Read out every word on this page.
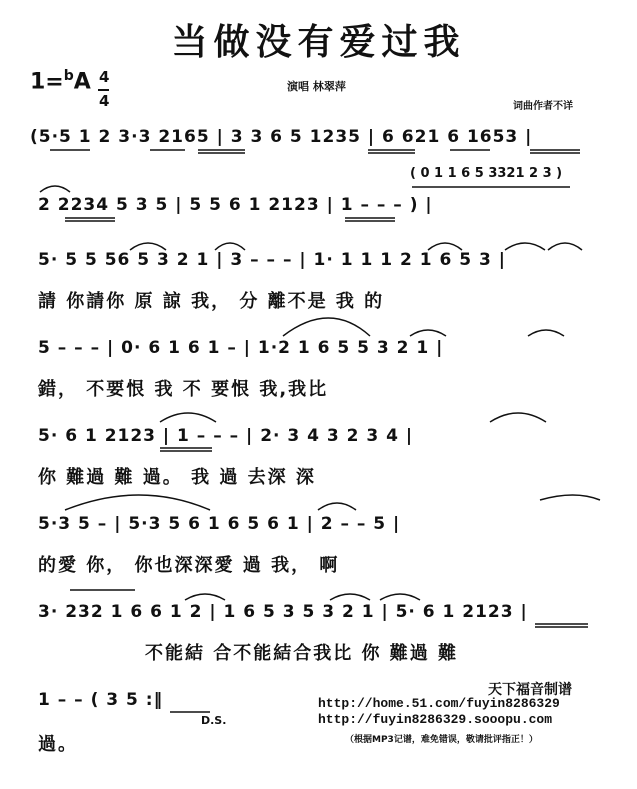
当做没有爱过我
1=$^b$A 4
4
演唱 林翠萍
词曲作者不详
(5·5 1 2 3·3 2165 | 3 3 6 5 1235 | 6 621 6 1653 |
( 0 1 1 6 5 3321 2 3 )
2 2234 5 3 5 | 5 5 6 1 2123 | 1 – – – ) |
5· 5 5 56 5 3 2 1 | 3 – – – | 1· 1 1 1 2 1 6 5 3 |
請 你請你 原 諒 我， 分 離不是 我 的
5 – – – | 0· 6 1 6 1 – | 1·2 1 6 5 5 3 2 1 |
錯， 不要恨 我 不 要恨 我,我比
5· 6 1 2123 | 1 – – – | 2· 3 4 3 2 3 4 |
你 難過 難 過。 我 過 去深 深
5·3 5 – | 5·3 5 6 1 6 5 6 1 | 2 – – 5 |
的愛 你， 你也深深愛 過 我， 啊
3· 232 1 6 6 1 2 | 1 6 5 3 5 3 2 1 | 5· 6 1 2123 |
不能結 合不能結合我比 你 難過 難
1 – – ( 3 5 :‖
D.S.
過。
天下福音制谱
http://home.51.com/fuyin8286329
http://fuyin8286329.sooopu.com
（根据MP3记谱，难免错误，敬请批评指正！）
